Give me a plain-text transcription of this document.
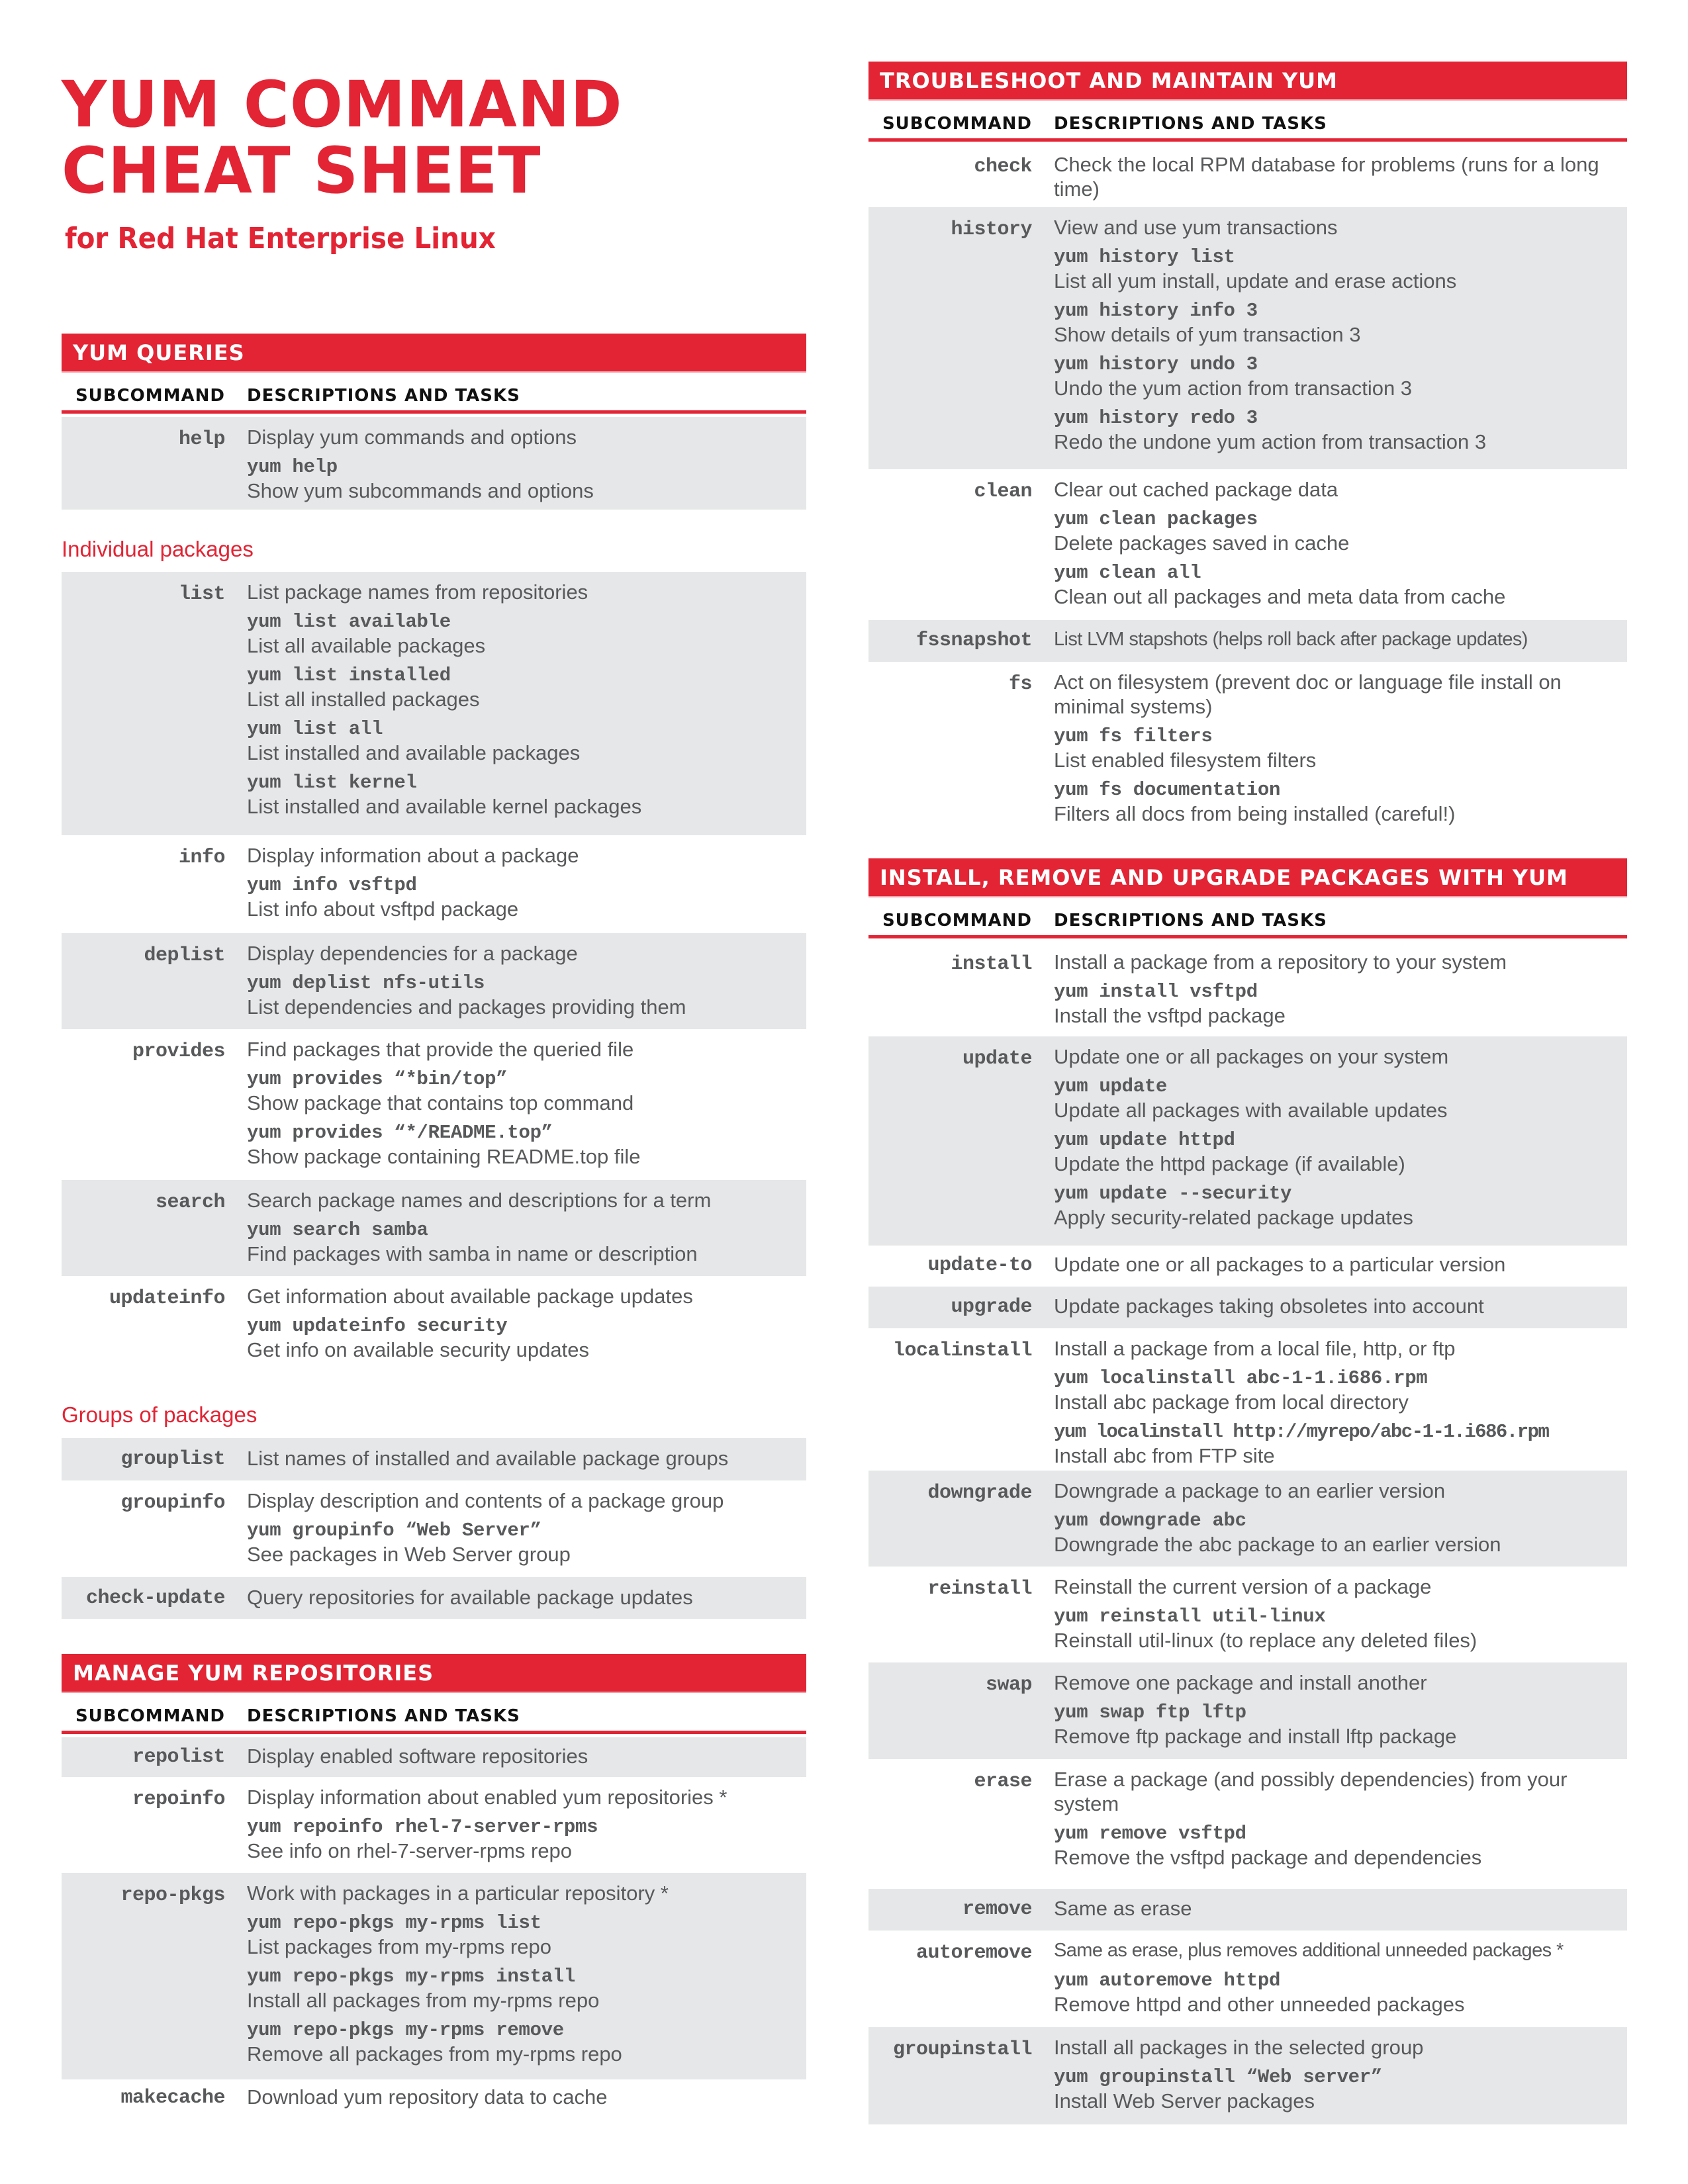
YUM COMMAND
CHEAT SHEET
for Red Hat Enterprise Linux
YUM QUERIES
SUBCOMMAND DESCRIPTIONS AND TASKS
help Display yum commands and options
yum help
Show yum subcommands and options
Individual packages
list List package names from repositories
yum list available
List all available packages
yum list installed
List all installed packages
yum list all
List installed and available packages
yum list kernel
List installed and available kernel packages
info Display information about a package
yum info vsftpd
List info about vsftpd package
deplist Display dependencies for a package
yum deplist nfs-utils
List dependencies and packages providing them
provides Find packages that provide the queried file
yum provides “*bin/top”
Show package that contains top command
yum provides “*/README.top”
Show package containing README.top file
search Search package names and descriptions for a term
yum search samba
Find packages with samba in name or description
updateinfo Get information about available package updates
yum updateinfo security
Get info on available security updates
Groups of packages
grouplist List names of installed and available package groups
groupinfo Display description and contents of a package group
yum groupinfo “Web Server”
See packages in Web Server group
check-update Query repositories for available package updates
MANAGE YUM REPOSITORIES
SUBCOMMAND DESCRIPTIONS AND TASKS
repolist Display enabled software repositories
repoinfo Display information about enabled yum repositories *
yum repoinfo rhel-7-server-rpms
See info on rhel-7-server-rpms repo
repo-pkgs Work with packages in a particular repository *
yum repo-pkgs my-rpms list
List packages from my-rpms repo
yum repo-pkgs my-rpms install
Install all packages from my-rpms repo
yum repo-pkgs my-rpms remove
Remove all packages from my-rpms repo
makecache Download yum repository data to cache
TROUBLESHOOT AND MAINTAIN YUM
SUBCOMMAND DESCRIPTIONS AND TASKS
check Check the local RPM database for problems (runs for a long time)
history View and use yum transactions
yum history list
List all yum install, update and erase actions
yum history info 3
Show details of yum transaction 3
yum history undo 3
Undo the yum action from transaction 3
yum history redo 3
Redo the undone yum action from transaction 3
clean Clear out cached package data
yum clean packages
Delete packages saved in cache
yum clean all
Clean out all packages and meta data from cache
fssnapshot List LVM stapshots (helps roll back after package updates)
fs Act on filesystem (prevent doc or language file install on minimal systems)
yum fs filters
List enabled filesystem filters
yum fs documentation
Filters all docs from being installed (careful!)
INSTALL, REMOVE AND UPGRADE PACKAGES WITH YUM
SUBCOMMAND DESCRIPTIONS AND TASKS
install Install a package from a repository to your system
yum install vsftpd
Install the vsftpd package
update Update one or all packages on your system
yum update
Update all packages with available updates
yum update httpd
Update the httpd package (if available)
yum update --security
Apply security-related package updates
update-to Update one or all packages to a particular version
upgrade Update packages taking obsoletes into account
localinstall Install a package from a local file, http, or ftp
yum localinstall abc-1-1.i686.rpm
Install abc package from local directory
yum localinstall http://myrepo/abc-1-1.i686.rpm
Install abc from FTP site
downgrade Downgrade a package to an earlier version
yum downgrade abc
Downgrade the abc package to an earlier version
reinstall Reinstall the current version of a package
yum reinstall util-linux
Reinstall util-linux (to replace any deleted files)
swap Remove one package and install another
yum swap ftp lftp
Remove ftp package and install lftp package
erase Erase a package (and possibly dependencies) from your system
yum remove vsftpd
Remove the vsftpd package and dependencies
remove Same as erase
autoremove Same as erase, plus removes additional unneeded packages *
yum autoremove httpd
Remove httpd and other unneeded packages
groupinstall Install all packages in the selected group
yum groupinstall “Web server”
Install Web Server packages
